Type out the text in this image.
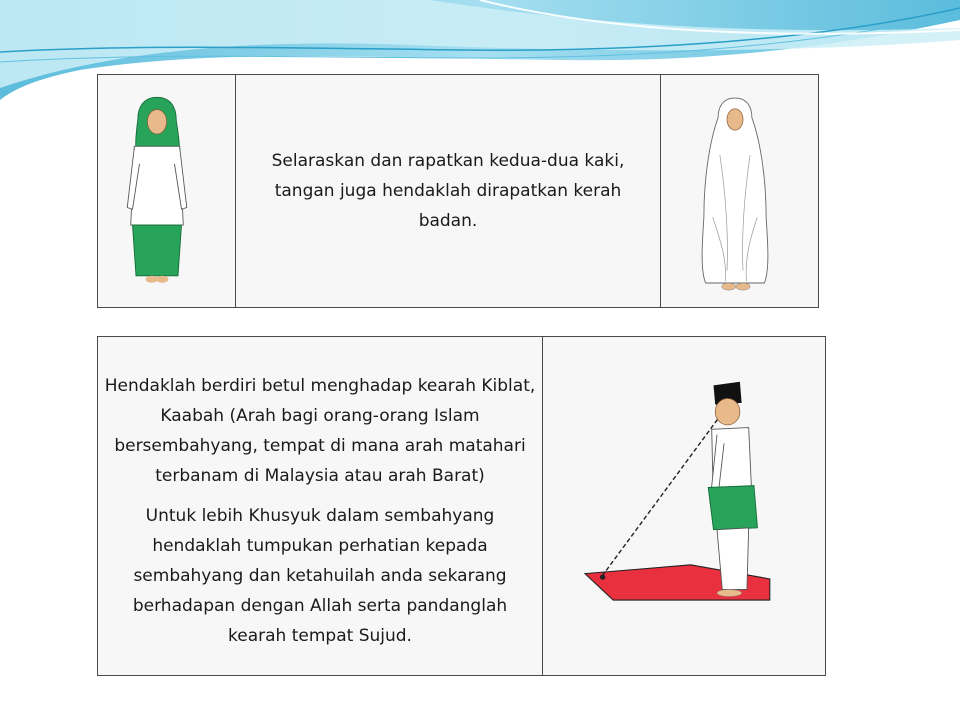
Selaraskan dan rapatkan kedua-dua kaki, tangan juga hendaklah dirapatkan kerah badan.

Hendaklah berdiri betul menghadap kearah Kiblat, Kaabah (Arah bagi orang-orang Islam bersembahyang, tempat di mana arah matahari terbanam di Malaysia atau arah Barat)

Untuk lebih Khusyuk dalam sembahyang hendaklah tumpukan perhatian kepada sembahyang dan ketahuilah anda sekarang berhadapan dengan Allah serta pandanglah kearah tempat Sujud.
